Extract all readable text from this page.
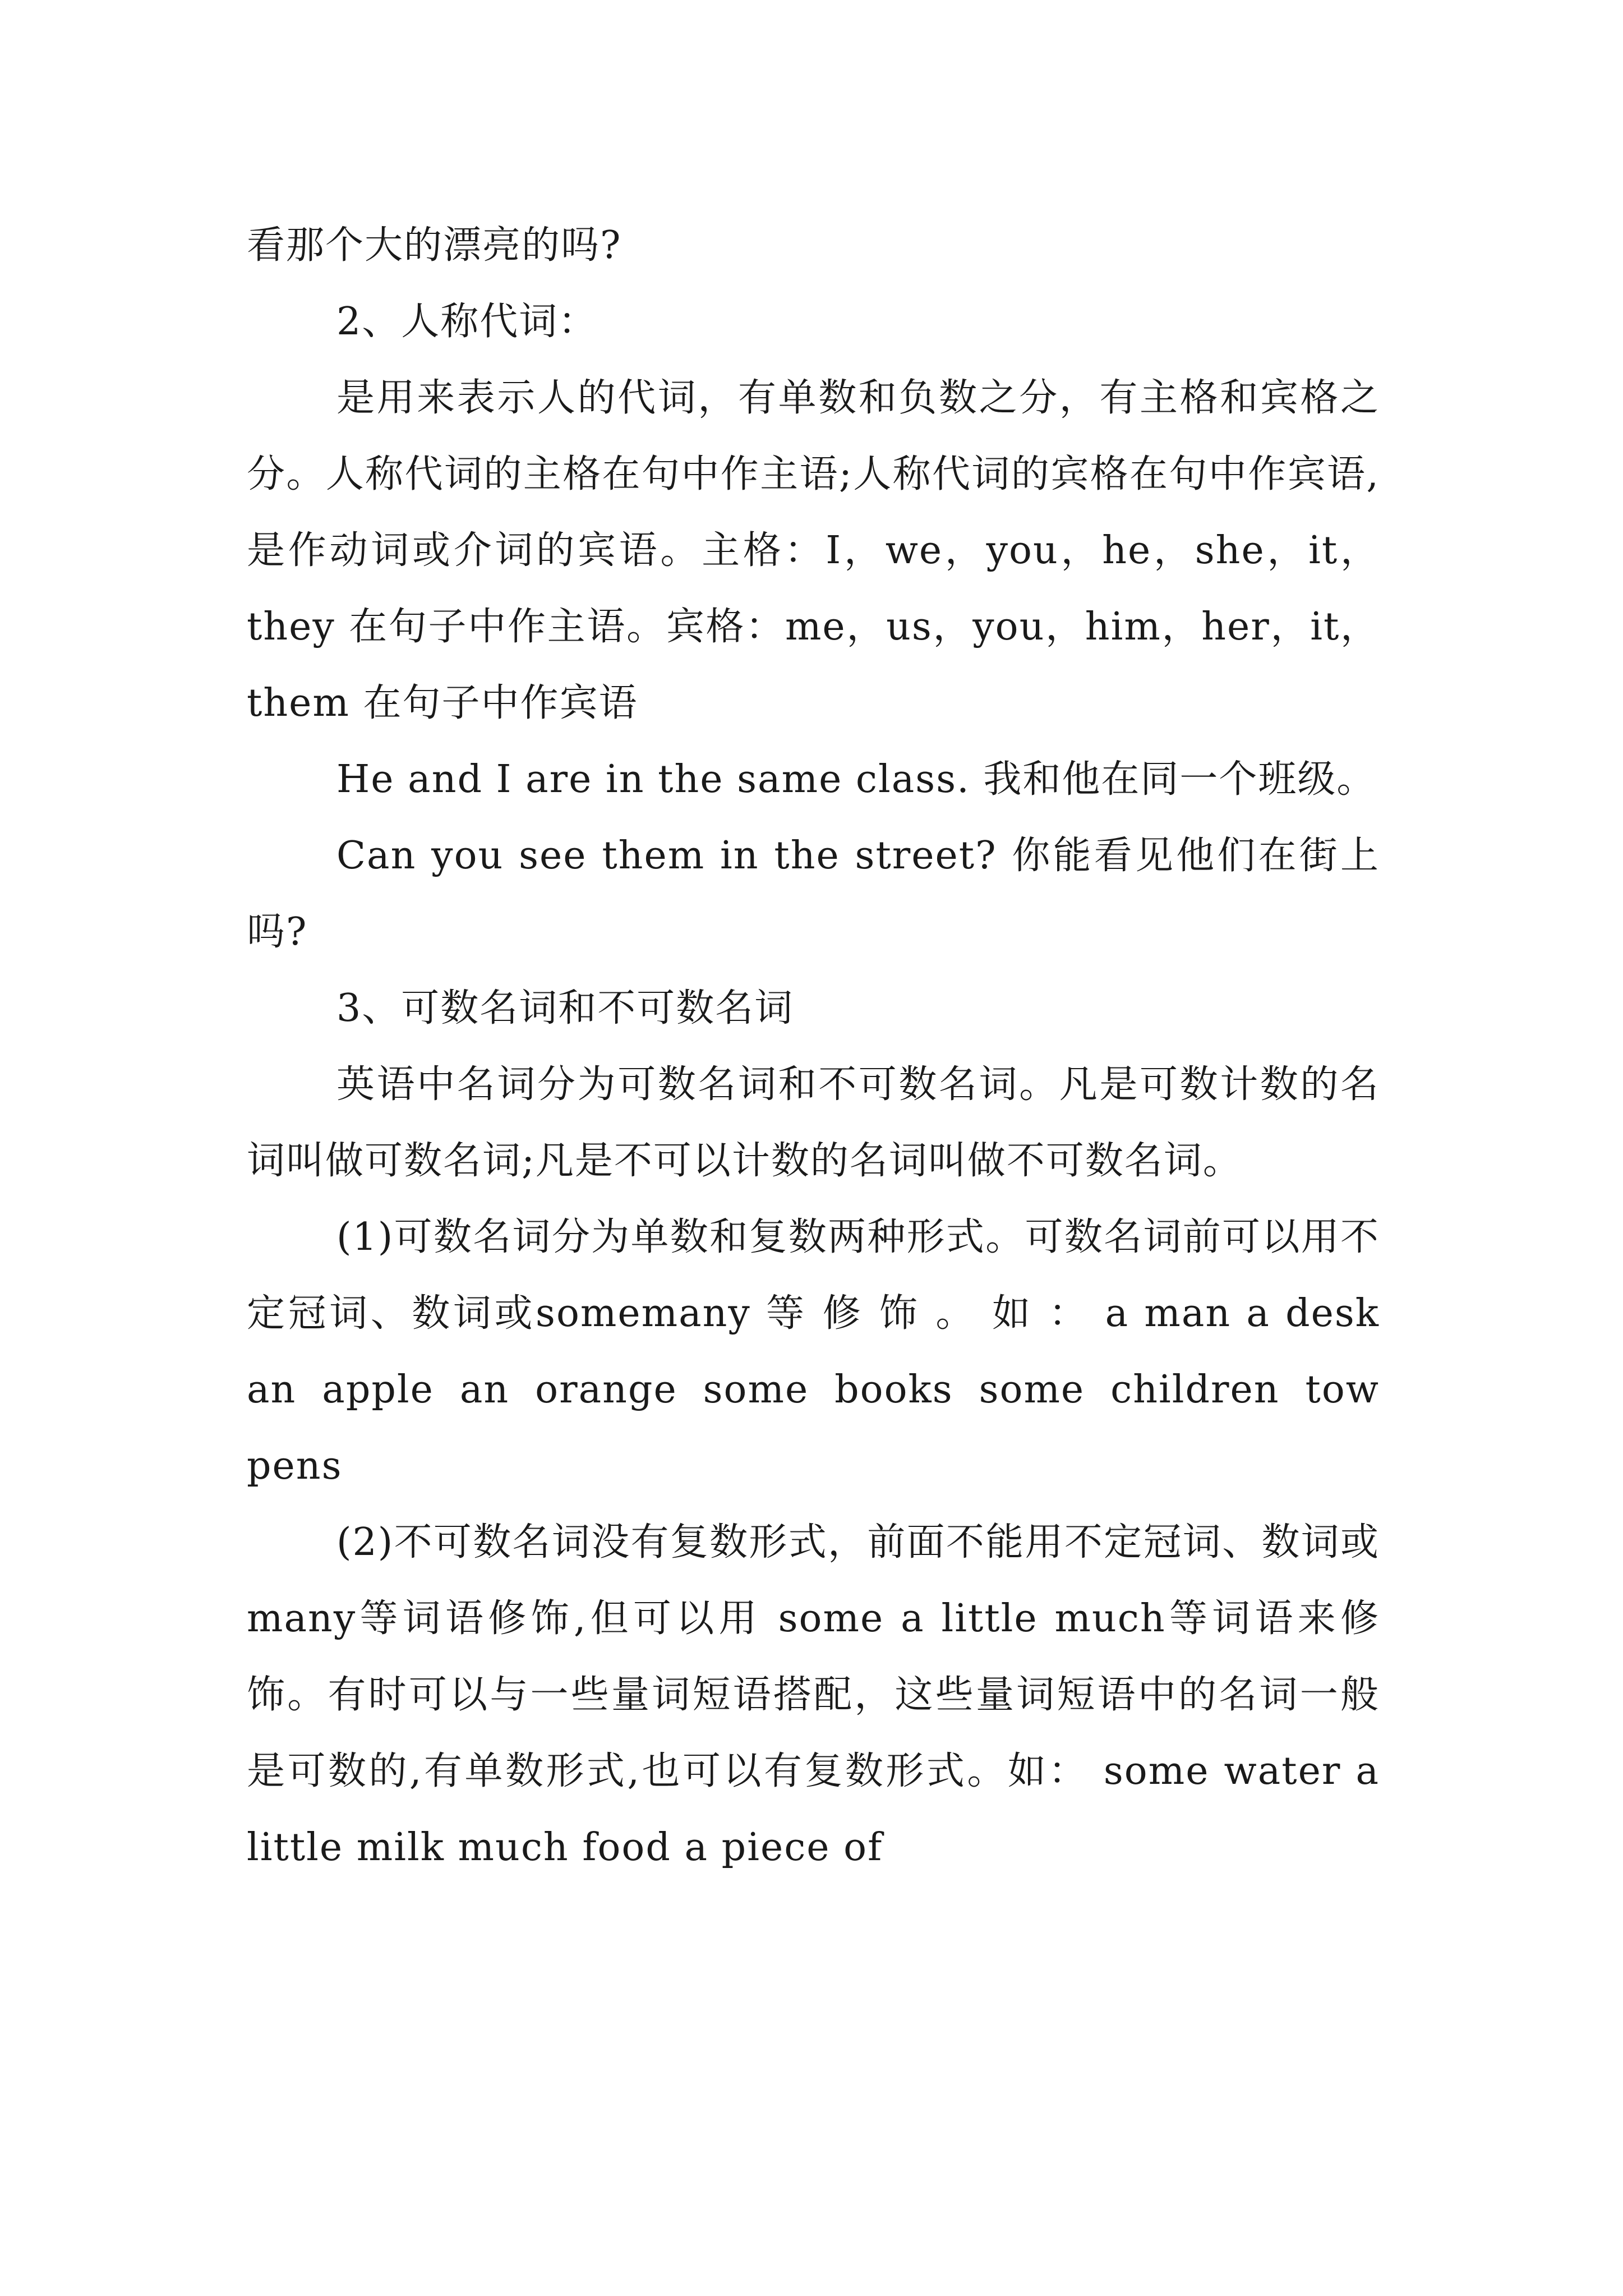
看那个大的漂亮的吗?

2、人称代词：

是用来表示人的代词，有单数和负数之分，有主格和宾格之分。人称代词的主格在句中作主语;人称代词的宾格在句中作宾语,是作动词或介词的宾语。主格：I，we，you，he，she，it，they 在句子中作主语。宾格：me，us，you，him，her，it，them 在句子中作宾语

He and I are in the same class. 我和他在同一个班级。

Can you see them in the street? 你能看见他们在街上吗?

3、可数名词和不可数名词

英语中名词分为可数名词和不可数名词。凡是可数计数的名词叫做可数名词;凡是不可以计数的名词叫做不可数名词。

(1)可数名词分为单数和复数两种形式。可数名词前可以用不定冠词、数词或somemany 等 修 饰 。 如 ： a man a desk an apple an orange some books some children tow pens

(2)不可数名词没有复数形式，前面不能用不定冠词、数词或many等词语修饰,但可以用 some a little much等词语来修饰。有时可以与一些量词短语搭配，这些量词短语中的名词一般是可数的,有单数形式,也可以有复数形式。如： some water a little milk much food a piece of
